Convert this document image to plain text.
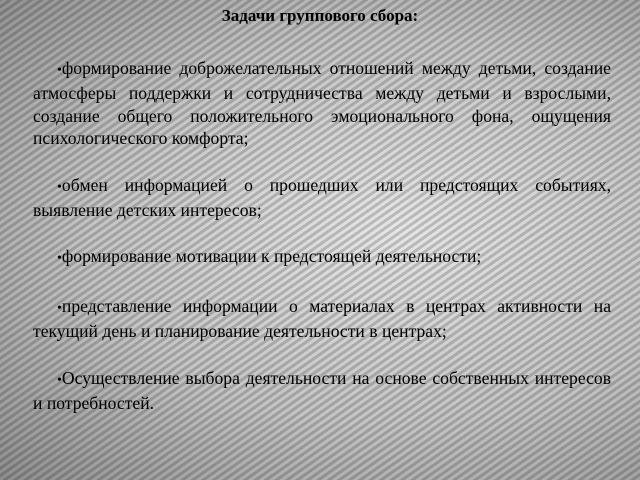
Задачи группового сбора:

•формирование доброжелательных отношений между детьми, создание атмосферы поддержки и сотрудничества между детьми и взрослыми, создание общего положительного эмоционального фона, ощущения психологического комфорта;

•обмен информацией о прошедших или предстоящих событиях, выявление детских интересов;

•формирование мотивации к предстоящей деятельности;

•представление информации о материалах в центрах активности на текущий день и планирование деятельности в центрах;

•Осуществление выбора деятельности на основе собственных интересов и потребностей.
